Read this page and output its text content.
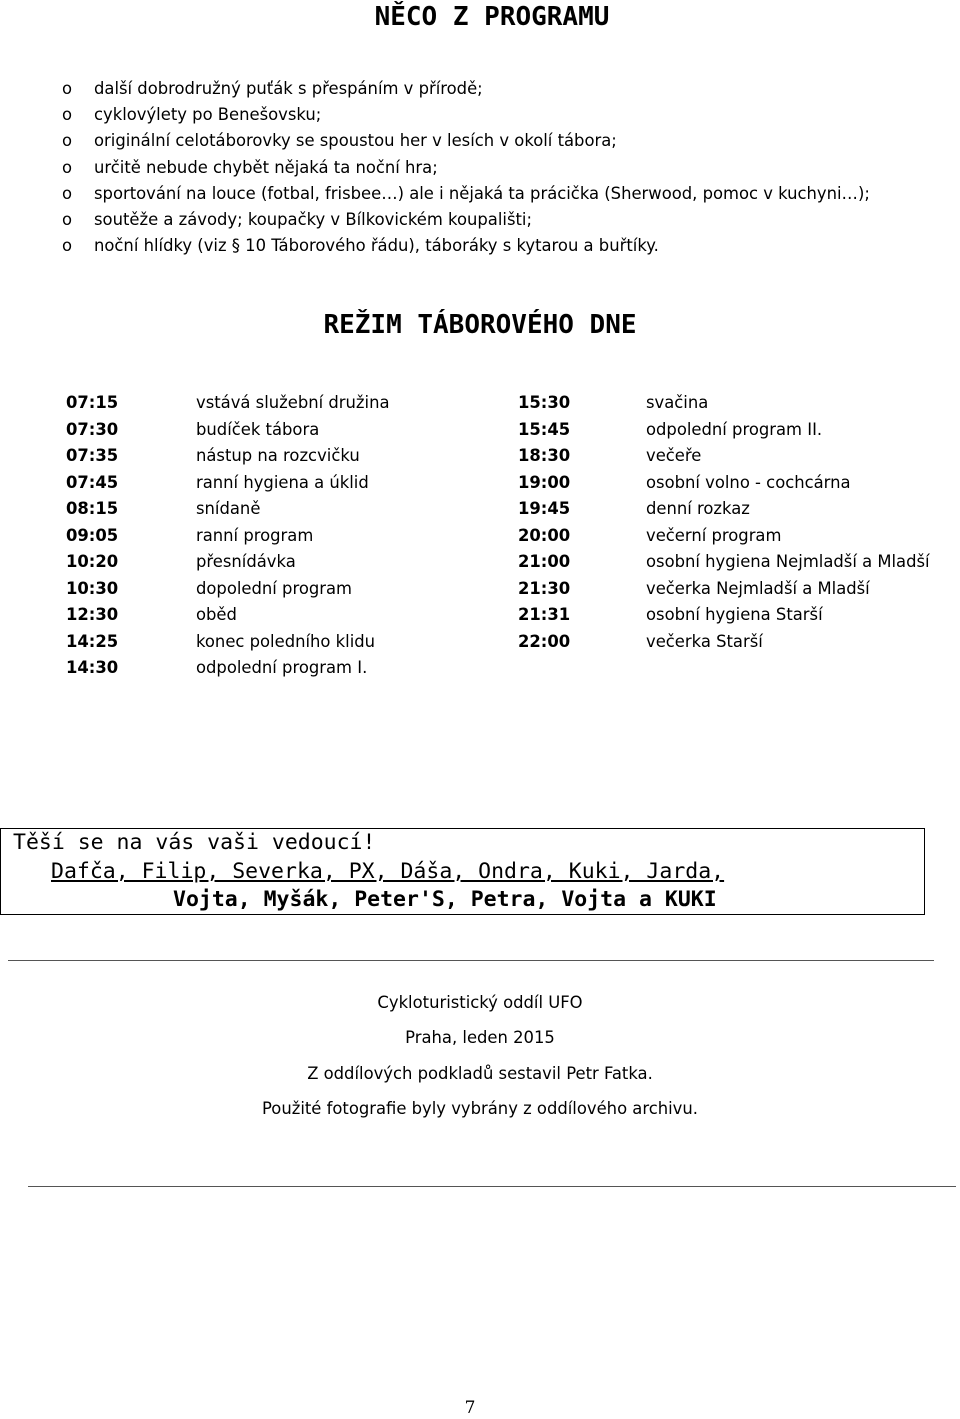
NĚCO Z PROGRAMU
o další dobrodružný puťák s přespáním v přírodě;
o cyklovýlety po Benešovsku;
o originální celotáborovky se spoustou her v lesích v okolí tábora;
o určitě nebude chybět nějaká ta noční hra;
o sportování na louce (fotbal, frisbee…) ale i nějaká ta prácička (Sherwood, pomoc v kuchyni…);
o soutěže a závody; koupačky v Bílkovickém koupališti;
o noční hlídky (viz § 10 Táborového řádu), táboráky s kytarou a buřtíky.
REŽIM TÁBOROVÉHO DNE
07:15	vstává služební družina
07:30	budíček tábora
07:35	nástup na rozcvičku
07:45	ranní hygiena a úklid
08:15	snídaně
09:05	ranní program
10:20	přesnídávka
10:30	dopolední program
12:30	oběd
14:25	konec poledního klidu
14:30	odpolední program I.
15:30	svačina
15:45	odpolední program II.
18:30	večeře
19:00	osobní volno - cochcárna
19:45	denní rozkaz
20:00	večerní program
21:00	osobní hygiena Nejmladší a Mladší
21:30	večerka Nejmladší a Mladší
21:31	osobní hygiena Starší
22:00	večerka Starší
Těší se na vás vaši vedoucí!
Dafča, Filip, Severka, PX, Dáša, Ondra, Kuki, Jarda,
Vojta, Myšák, Peter'S, Petra, Vojta a KUKI
Cykloturistický oddíl UFO
Praha, leden 2015
Z oddílových podkladů sestavil Petr Fatka.
Použité fotografie byly vybrány z oddílového archivu.
7
